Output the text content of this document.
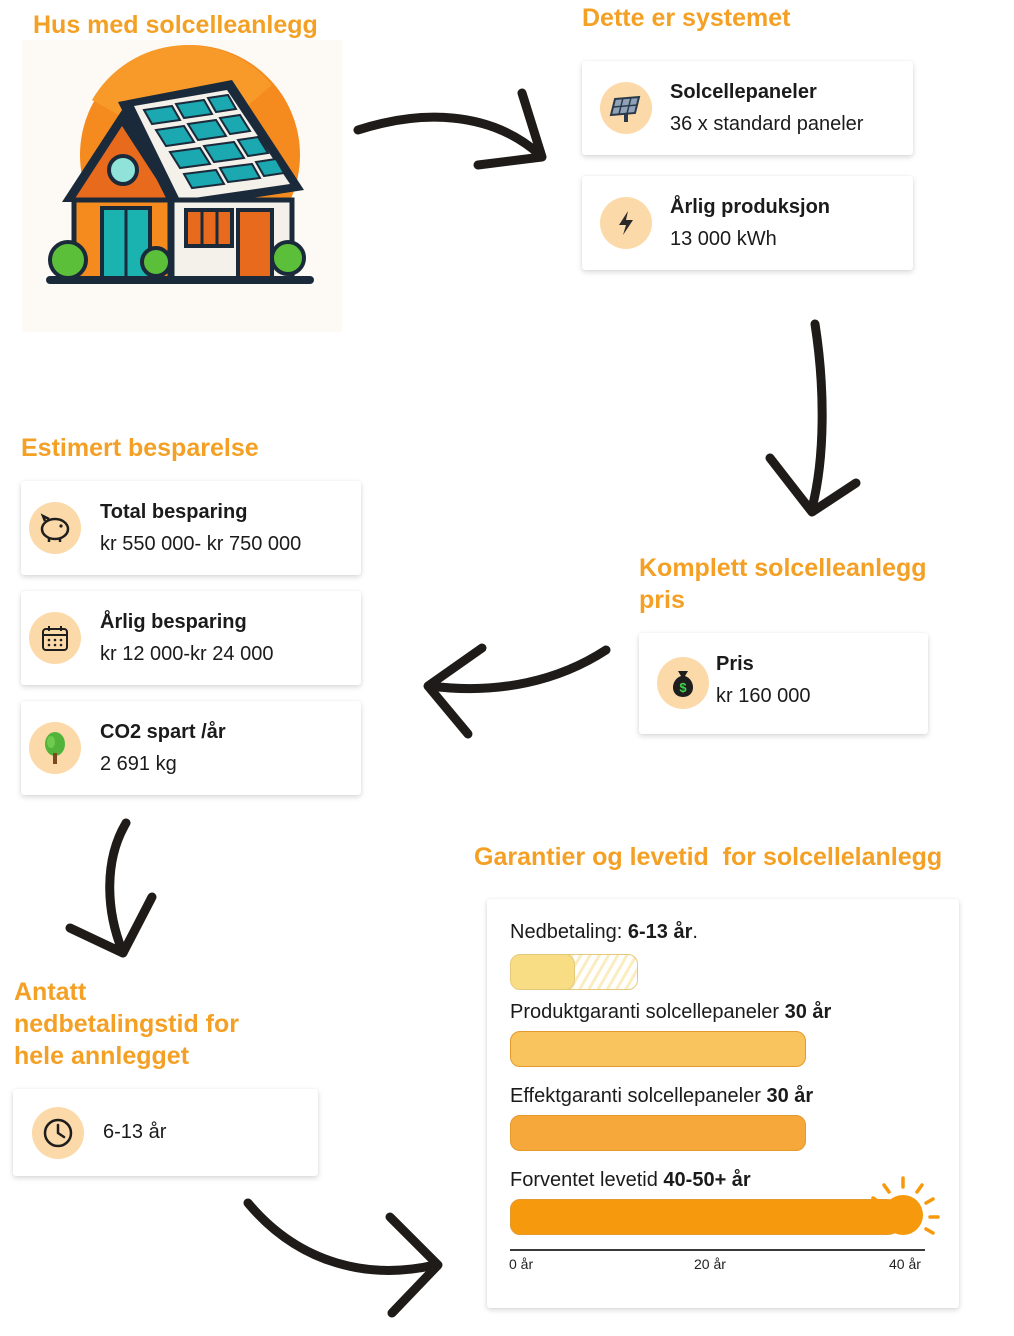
Hus med solcelleanlegg	Dette er systemet
Solcellepaneler
36 x standard paneler
Årlig produksjon
13 000 kWh
Komplett solcelleanlegg
pris
$
Pris
kr 160 000
Estimert besparelse
Total besparing
kr 550 000- kr 750 000
Årlig besparing
kr 12 000-kr 24 000
CO2 spart /år
2 691 kg
Antatt
nedbetalingstid for
hele annlegget
6-13 år
Garantier og levetid  for solcellelanlegg
Nedbetaling: 6-13 år.
Produktgaranti solcellepaneler 30 år
Effektgaranti solcellepaneler 30 år
Forventet levetid 40-50+ år
0 år	20 år	40 år
